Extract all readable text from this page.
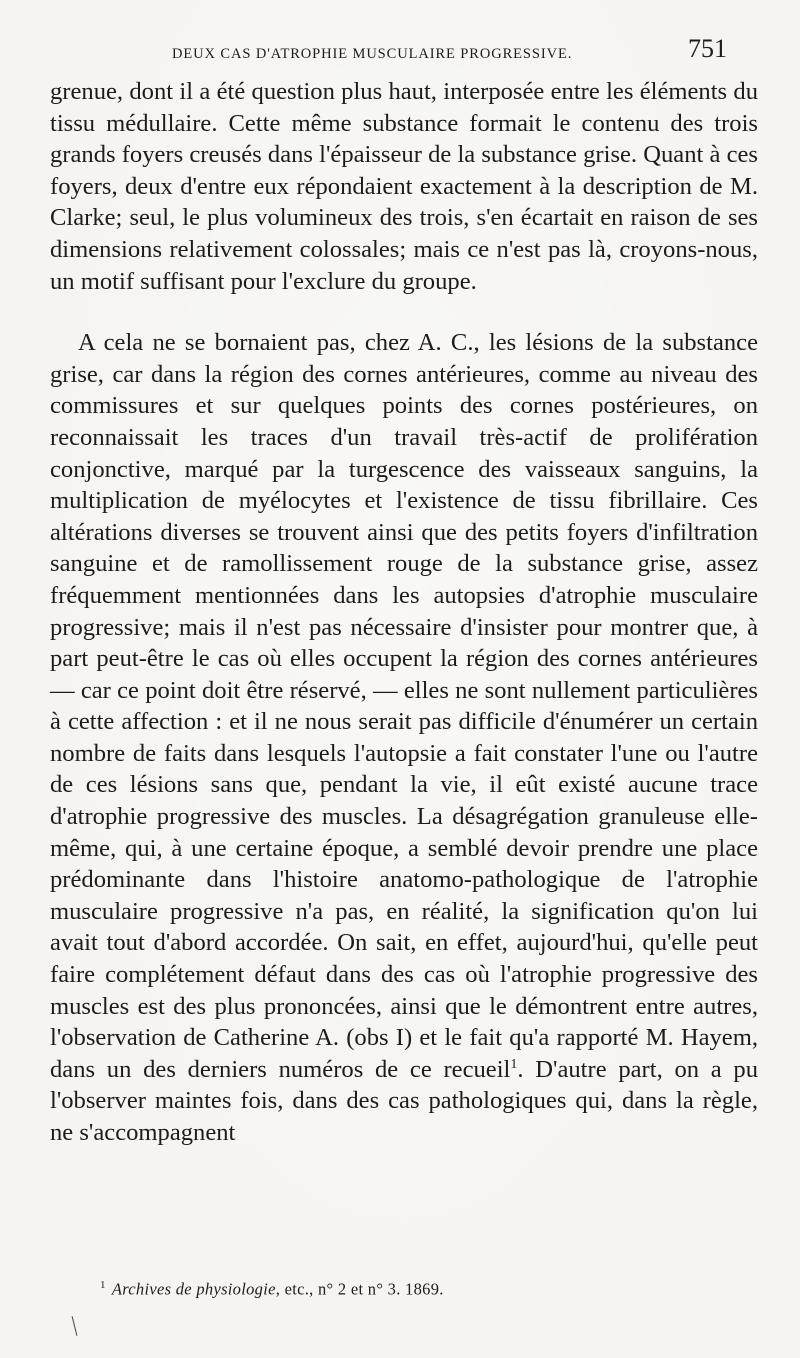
DEUX CAS D'ATROPHIE MUSCULAIRE PROGRESSIVE.	751

grenue, dont il a été question plus haut, interposée entre les éléments du tissu médullaire. Cette même substance formait le contenu des trois grands foyers creusés dans l'épaisseur de la substance grise. Quant à ces foyers, deux d'entre eux répondaient exactement à la description de M. Clarke; seul, le plus volumineux des trois, s'en écartait en raison de ses dimensions relativement colossales; mais ce n'est pas là, croyons-nous, un motif suffisant pour l'exclure du groupe.

A cela ne se bornaient pas, chez A. C., les lésions de la substance grise, car dans la région des cornes antérieures, comme au niveau des commissures et sur quelques points des cornes postérieures, on reconnaissait les traces d'un travail très-actif de prolifération conjonctive, marqué par la turgescence des vaisseaux sanguins, la multiplication de myélocytes et l'existence de tissu fibrillaire. Ces altérations diverses se trouvent ainsi que des petits foyers d'infiltration sanguine et de ramollissement rouge de la substance grise, assez fréquemment mentionnées dans les autopsies d'atrophie musculaire progressive; mais il n'est pas nécessaire d'insister pour montrer que, à part peut-être le cas où elles occupent la région des cornes antérieures — car ce point doit être réservé, — elles ne sont nullement particulières à cette affection : et il ne nous serait pas difficile d'énumérer un certain nombre de faits dans lesquels l'autopsie a fait constater l'une ou l'autre de ces lésions sans que, pendant la vie, il eût existé aucune trace d'atrophie progressive des muscles. La désagrégation granuleuse elle-même, qui, à une certaine époque, a semblé devoir prendre une place prédominante dans l'histoire anatomo-pathologique de l'atrophie musculaire progressive n'a pas, en réalité, la signification qu'on lui avait tout d'abord accordée. On sait, en effet, aujourd'hui, qu'elle peut faire complétement défaut dans des cas où l'atrophie progressive des muscles est des plus prononcées, ainsi que le démontrent entre autres, l'observation de Catherine A. (obs I) et le fait qu'a rapporté M. Hayem, dans un des derniers numéros de ce recueil$^1$. D'autre part, on a pu l'observer maintes fois, dans des cas pathologiques qui, dans la règle, ne s'accompagnent

$^1$ Archives de physiologie, etc., n° 2 et n° 3. 1869.
